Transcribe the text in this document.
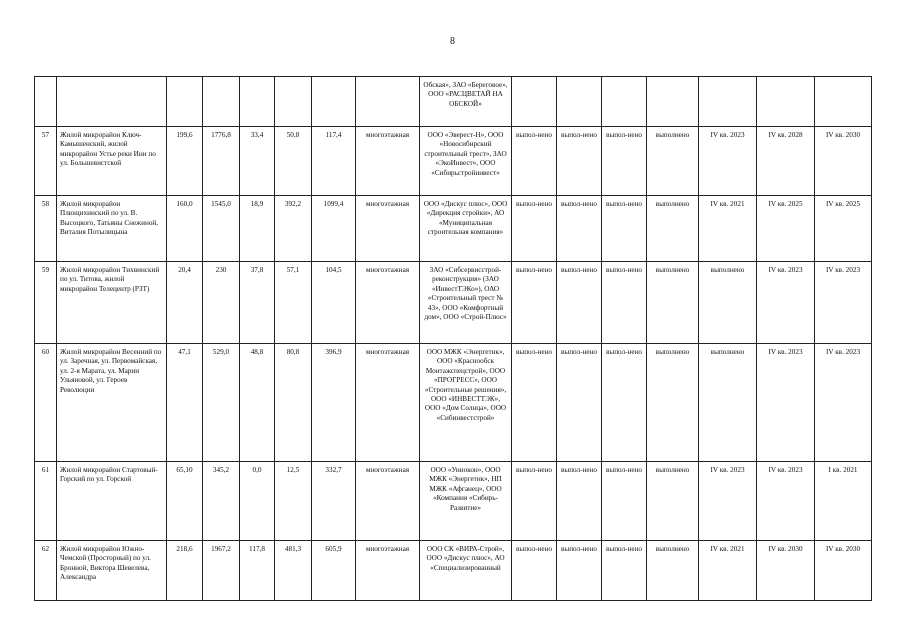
8
								Обская», ЗАО «Береговое», ООО «РАСЦВЕТАЙ НА ОБСКОЙ»							
57	Жилой микрорайон Ключ-Камышенский, жилой микрорайон Устье реки Ини по ул. Большевистской	199,6	1776,8	33,4	50,8	117,4	многоэтажная	ООО «Эверест-Н», ООО «Новосибирский строительный трест», ЗАО «ЭкоИнвест», ООО «Сибирьстройинвест»	выпол-нено	выпол-нено	выпол-нено	выполнено	IV кв. 2023	IV кв. 2028	IV кв. 2030
58	Жилой микрорайон Плющихинский по ул. В. Высоцкого, Татьяны Снежиной, Виталия Потылицына	160,0	1545,0	18,9	392,2	1099,4	многоэтажная	ООО «Дискус плюс», ООО «Дирекция стройки», АО «Муниципальная строительная компания»	выпол-нено	выпол-нено	выпол-нено	выполнено	IV кв. 2021	IV кв. 2025	IV кв. 2025
59	Жилой микрорайон Тихвинский по ул. Титова, жилой микрорайон Телецентр (РЗТ)	20,4	230	37,8	57,1	104,5	многоэтажная	ЗАО «Сибсервисстрой-реконструкция» (ЗАО «ИнвестТЭКо»), ОАО «Строительный трест № 43», ООО «Комфортный дом», ООО «Строй-Плюс»	выпол-нено	выпол-нено	выпол-нено	выполнено	выполнено	IV кв. 2023	IV кв. 2023
60	Жилой микрорайон Весенний по ул. Заречная, ул. Первомайская, ул. 2-я Марата, ул. Марии Ульяновой, ул. Героев Революции	47,1	529,0	48,8	80,8	396,9	многоэтажная	ООО МЖК «Энергетик», ООО «Краснообск Монтажспецстрой», ООО «ПРОГРЕСС», ООО «Строительные решения», ООО «ИНВЕСТТЭК», ООО «Дом Солнца», ООО «Сибинвестстрой»	выпол-нено	выпол-нено	выпол-нено	выполнено	выполнено	IV кв. 2023	IV кв. 2023
61	Жилой микрорайон Стартовый-Горский по ул. Горской	65,10	345,2	0,0	12,5	332,7	многоэтажная	ООО «Униокон», ООО МЖК «Энергетик», НП МЖК «Афганец», ООО «Компания «Сибирь-Развитие»	выпол-нено	выпол-нено	выпол-нено	выполнено	IV кв. 2023	IV кв. 2023	I кв. 2021
62	Жилой микрорайон Южно-Чемской (Просторный) по ул. Бронной, Виктора Шевелева, Александра	218,6	1967,2	117,8	481,3	605,9	многоэтажная	ООО СК «ВИРА-Строй», ООО «Дискус плюс», АО «Специализированный	выпол-нено	выпол-нено	выпол-нено	выполнено	IV кв. 2021	IV кв. 2030	IV кв. 2030
